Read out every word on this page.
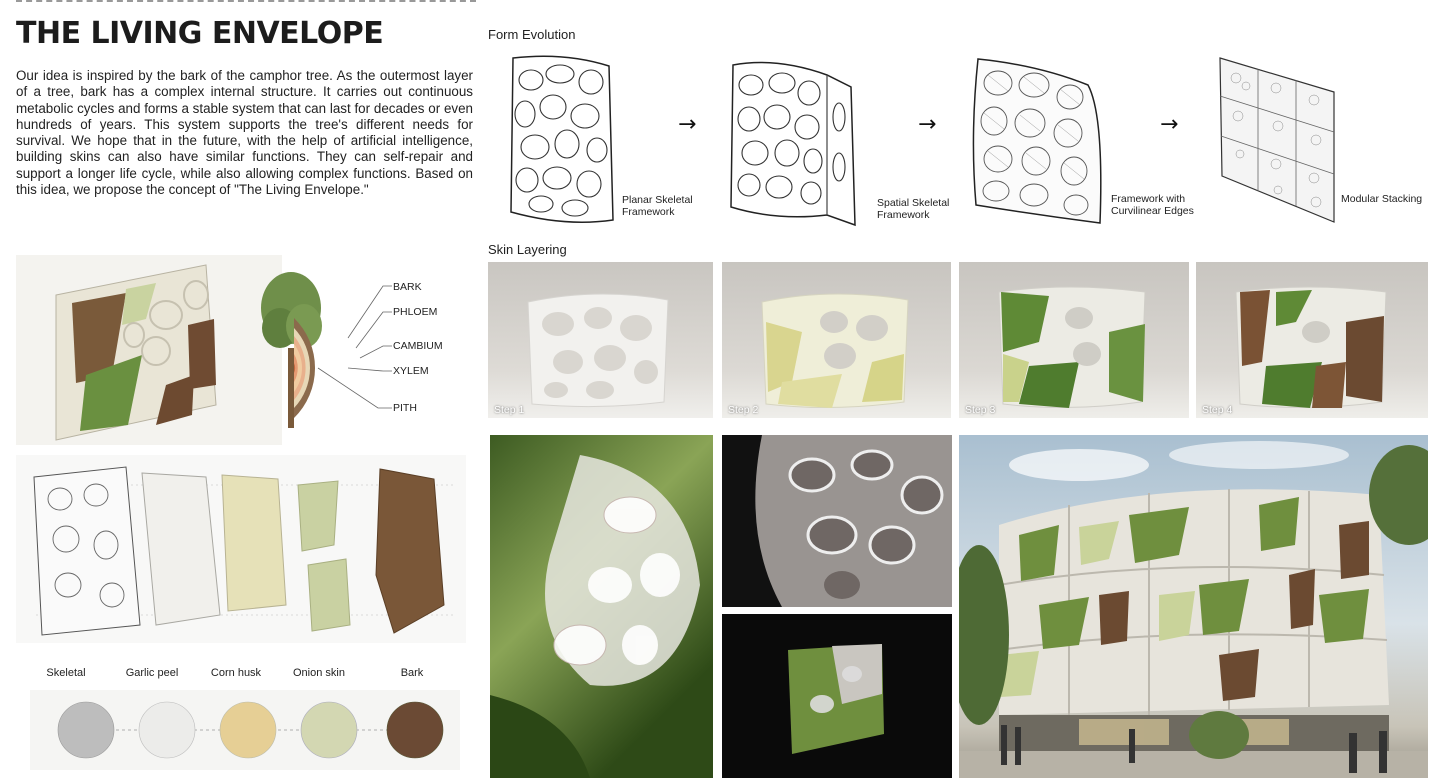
THE LIVING ENVELOPE
Our idea is inspired by the bark of the camphor tree. As the outermost layer of a tree, bark has a complex internal structure. It carries out continuous metabolic cycles and forms a stable system that can last for decades or even hundreds of years. This system supports the tree's different needs for survival. We hope that in the future, with the help of artificial intelligence, building skins can also have similar functions. They can self-repair and support a longer life cycle, while also allowing complex functions. Based on this idea, we propose the concept of "The Living Envelope."
Form Evolution
Planar Skeletal
Framework
→
Spatial Skeletal
Framework
→
Framework with
Curvilinear Edges
→
Modular Stacking
Skin Layering
Step 1	Step 2	Step 3	Step 4
BARK
PHLOEM
CAMBIUM
XYLEM
PITH
Skeletal	Garlic peel	Corn husk	Onion skin	Bark
